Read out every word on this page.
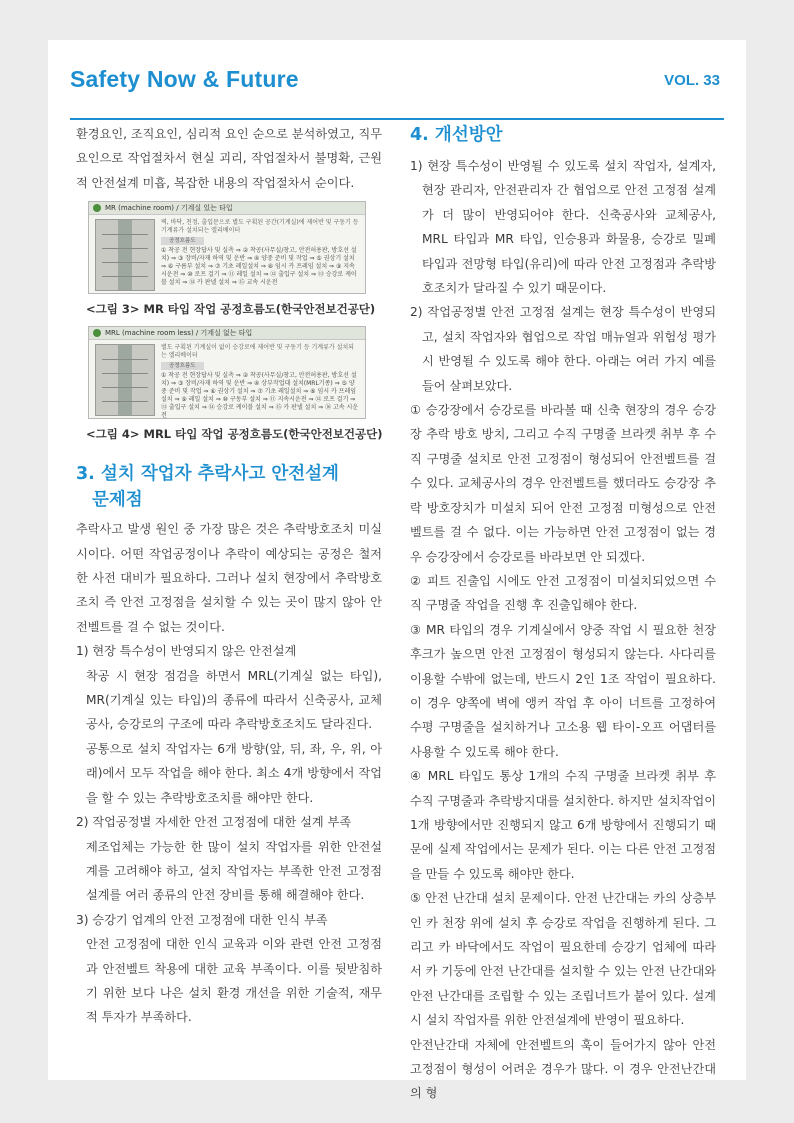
Safety Now & Future	VOL. 33

환경요인, 조직요인, 심리적 요인 순으로 분석하였고, 직무요인으로 작업절차서 현실 괴리, 작업절차서 불명확, 근원적 안전설계 미흡, 복잡한 내용의 작업절차서 순이다.

MR (machine room) / 기계실 있는 타입
벽, 바닥, 천정, 출입문으로 별도 구획된 공간(기계실)에 제어반 및 구동기 등 기계류가 설치되는 엘리베이터
공정흐름도
① 착공 전 현장답사 및 실측 ⇒ ② 착공(사무실/창고, 안전허용판, 방호선 설치) ⇒ ③ 장비/자재 하역 및 운반 ⇒ ④ 양중 준비 및 작업 ⇒ ⑤ 권상기 설치 ⇒ ⑥ 구름부 설치 ⇒ ⑦ 기초 레일설치 ⇒ ⑧ 임시 카 프레임 설치 ⇒ ⑨ 지속시운전 ⇒ ⑩ 로프 걸기 ⇒ ⑪ 레일 설치 ⇒ ⑫ 출입구 설치 ⇒ ⑬ 승강로 케이블 설치 ⇒ ⑭ 카 판넬 설치 ⇒ ⑮ 교속 시운전
<그림 3> MR 타입 작업 공정흐름도(한국안전보건공단)
MRL (machine room less) / 기계실 없는 타입
별도 구획된 기계실이 없이 승강로에 제어반 및 구동기 등 기계류가 설치되는 엘리베이터
공정흐름도
① 착공 전 현장답사 및 실측 ⇒ ② 착공(사무실/창고, 안전허용판, 방호선 설치) ⇒ ③ 장비/자재 하역 및 운반 ⇒ ④ 상부작업대 설치(MRL기종) ⇒ ⑤ 양중 준비 및 작업 ⇒ ⑥ 권상기 설치 ⇒ ⑦ 기초 레일설치 ⇒ ⑧ 임시 카 프레임 설치 ⇒ ⑨ 레일 설치 ⇒ ⑩ 구동부 설치 ⇒ ⑪ 지속시운전 ⇒ ⑫ 로프 걸기 ⇒ ⑬ 출입구 설치 ⇒ ⑭ 승강로 케이블 설치 ⇒ ⑮ 카 판넬 설치 ⇒ ⑯ 고속 시운전
<그림 4> MRL 타입 작업 공정흐름도(한국안전보건공단)
3. 설치 작업자 추락사고 안전설계
문제점

추락사고 발생 원인 중 가장 많은 것은 추락방호조치 미실시이다. 어떤 작업공정이나 추락이 예상되는 공정은 철저한 사전 대비가 필요하다. 그러나 설치 현장에서 추락방호조치 즉 안전 고정점을 설치할 수 있는 곳이 많지 않아 안전벨트를 걸 수 없는 것이다.

1) 현장 특수성이 반영되지 않은 안전설계

착공 시 현장 점검을 하면서 MRL(기계실 없는 타입), MR(기계실 있는 타입)의 종류에 따라서 신축공사, 교체공사, 승강로의 구조에 따라 추락방호조치도 달라진다.

공통으로 설치 작업자는 6개 방향(앞, 뒤, 좌, 우, 위, 아래)에서 모두 작업을 해야 한다. 최소 4개 방향에서 작업을 할 수 있는 추락방호조치를 해야만 한다.

2) 작업공정별 자세한 안전 고정점에 대한 설계 부족

제조업체는 가능한 한 많이 설치 작업자를 위한 안전설계를 고려해야 하고, 설치 작업자는 부족한 안전 고정점 설계를 여러 종류의 안전 장비를 통해 해결해야 한다.

3) 승강기 업계의 안전 고정점에 대한 인식 부족

안전 고정점에 대한 인식 교육과 이와 관련 안전 고정점과 안전벨트 착용에 대한 교육 부족이다. 이를 뒷받침하기 위한 보다 나은 설치 환경 개선을 위한 기술적, 재무적 투자가 부족하다.

4. 개선방안

1) 현장 특수성이 반영될 수 있도록 설치 작업자, 설계자, 현장 관리자, 안전관리자 간 협업으로 안전 고정점 설계가 더 많이 반영되어야 한다. 신축공사와 교체공사, MRL 타입과 MR 타입, 인승용과 화물용, 승강로 밀폐 타입과 전망형 타입(유리)에 따라 안전 고정점과 추락방호조치가 달라질 수 있기 때문이다.

2) 작업공정별 안전 고정점 설계는 현장 특수성이 반영되고, 설치 작업자와 협업으로 작업 매뉴얼과 위험성 평가 시 반영될 수 있도록 해야 한다. 아래는 여러 가지 예를 들어 살펴보았다.

① 승강장에서 승강로를 바라볼 때 신축 현장의 경우 승강장 추락 방호 방치, 그리고 수직 구명줄 브라켓 취부 후 수직 구명줄 설치로 안전 고정점이 형성되어 안전벨트를 걸 수 있다. 교체공사의 경우 안전벨트를 했더라도 승강장 추락 방호장치가 미설치 되어 안전 고정점 미형성으로 안전벨트를 걸 수 없다. 이는 가능하면 안전 고정점이 없는 경우 승강장에서 승강로를 바라보면 안 되겠다.

② 피트 진출입 시에도 안전 고정점이 미설치되었으면 수직 구명줄 작업을 진행 후 진출입해야 한다.

③ MR 타입의 경우 기계실에서 양중 작업 시 필요한 천장 후크가 높으면 안전 고정점이 형성되지 않는다. 사다리를 이용할 수밖에 없는데, 반드시 2인 1조 작업이 필요하다. 이 경우 양쪽에 벽에 앵커 작업 후 아이 너트를 고정하여 수평 구명줄을 설치하거나 고소용 웹 타이-오프 어댑터를 사용할 수 있도록 해야 한다.

④ MRL 타입도 통상 1개의 수직 구명줄 브라켓 취부 후 수직 구명줄과 추락방지대를 설치한다. 하지만 설치작업이 1개 방향에서만 진행되지 않고 6개 방향에서 진행되기 때문에 실제 작업에서는 문제가 된다. 이는 다른 안전 고정점을 만들 수 있도록 해야만 한다.

⑤ 안전 난간대 설치 문제이다. 안전 난간대는 카의 상층부인 카 천장 위에 설치 후 승강로 작업을 진행하게 된다. 그리고 카 바닥에서도 작업이 필요한데 승강기 업체에 따라서 카 기둥에 안전 난간대를 설치할 수 있는 안전 난간대와 안전 난간대를 조립할 수 있는 조립너트가 붙어 있다. 설계 시 설치 작업자를 위한 안전설계에 반영이 필요하다.

안전난간대 자체에 안전벨트의 훅이 들어가지 않아 안전 고정점이 형성이 어려운 경우가 많다. 이 경우 안전난간대의 형
